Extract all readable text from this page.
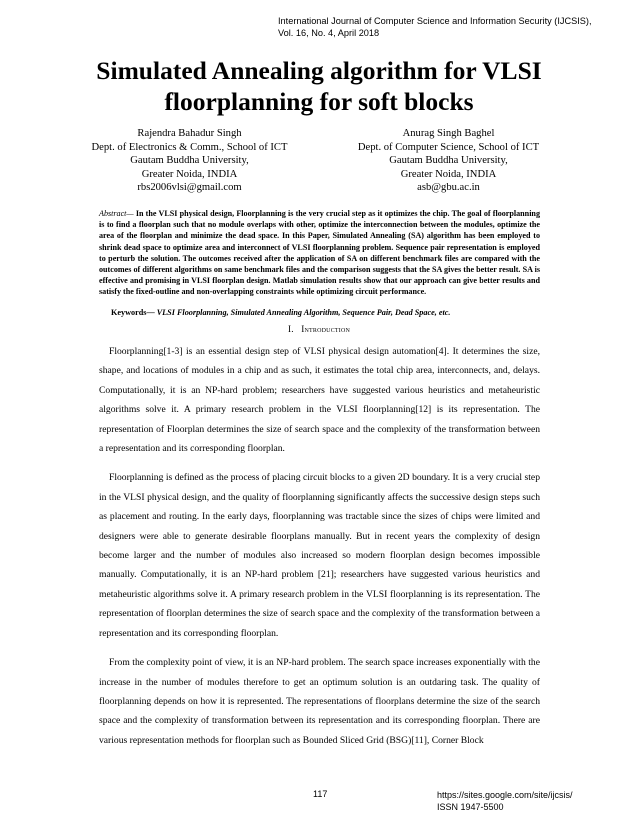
International Journal of Computer Science and Information Security (IJCSIS),
Vol. 16, No. 4, April 2018
Simulated Annealing algorithm for VLSI
floorplanning for soft blocks
Rajendra Bahadur Singh
Dept. of Electronics & Comm., School of ICT
Gautam Buddha University,
Greater Noida, INDIA
rbs2006vlsi@gmail.com
Anurag Singh Baghel
Dept. of Computer Science, School of ICT
Gautam Buddha University,
Greater Noida, INDIA
asb@gbu.ac.in
Abstract— In the VLSI physical design, Floorplanning is the very crucial step as it optimizes the chip. The goal of floorplanning is to find a floorplan such that no module overlaps with other, optimize the interconnection between the modules, optimize the area of the floorplan and minimize the dead space. In this Paper, Simulated Annealing (SA) algorithm has been employed to shrink dead space to optimize area and interconnect of VLSI floorplanning problem. Sequence pair representation is employed to perturb the solution. The outcomes received after the application of SA on different benchmark files are compared with the outcomes of different algorithms on same benchmark files and the comparison suggests that the SA gives the better result. SA is effective and promising in VLSI floorplan design. Matlab simulation results show that our approach can give better results and satisfy the fixed-outline and non-overlapping constraints while optimizing circuit performance.
Keywords— VLSI Floorplanning, Simulated Annealing Algorithm, Sequence Pair, Dead Space, etc.
I. Introduction

Floorplanning[1-3] is an essential design step of VLSI physical design automation[4]. It determines the size, shape, and locations of modules in a chip and as such, it estimates the total chip area, interconnects, and, delays. Computationally, it is an NP-hard problem; researchers have suggested various heuristics and metaheuristic algorithms solve it. A primary research problem in the VLSI floorplanning[12] is its representation. The representation of Floorplan determines the size of search space and the complexity of the transformation between a representation and its corresponding floorplan.

Floorplanning is defined as the process of placing circuit blocks to a given 2D boundary. It is a very crucial step in the VLSI physical design, and the quality of floorplanning significantly affects the successive design steps such as placement and routing. In the early days, floorplanning was tractable since the sizes of chips were limited and designers were able to generate desirable floorplans manually. But in recent years the complexity of design become larger and the number of modules also increased so modern floorplan design becomes impossible manually. Computationally, it is an NP-hard problem [21]; researchers have suggested various heuristics and metaheuristic algorithms solve it. A primary research problem in the VLSI floorplanning is its representation. The representation of floorplan determines the size of search space and the complexity of the transformation between a representation and its corresponding floorplan.

From the complexity point of view, it is an NP-hard problem. The search space increases exponentially with the increase in the number of modules therefore to get an optimum solution is an outdaring task. The quality of floorplanning depends on how it is represented. The representations of floorplans determine the size of the search space and the complexity of transformation between its representation and its corresponding floorplan. There are various representation methods for floorplan such as Bounded Sliced Grid (BSG)[11], Corner Block

117	https://sites.google.com/site/ijcsis/
ISSN 1947-5500
